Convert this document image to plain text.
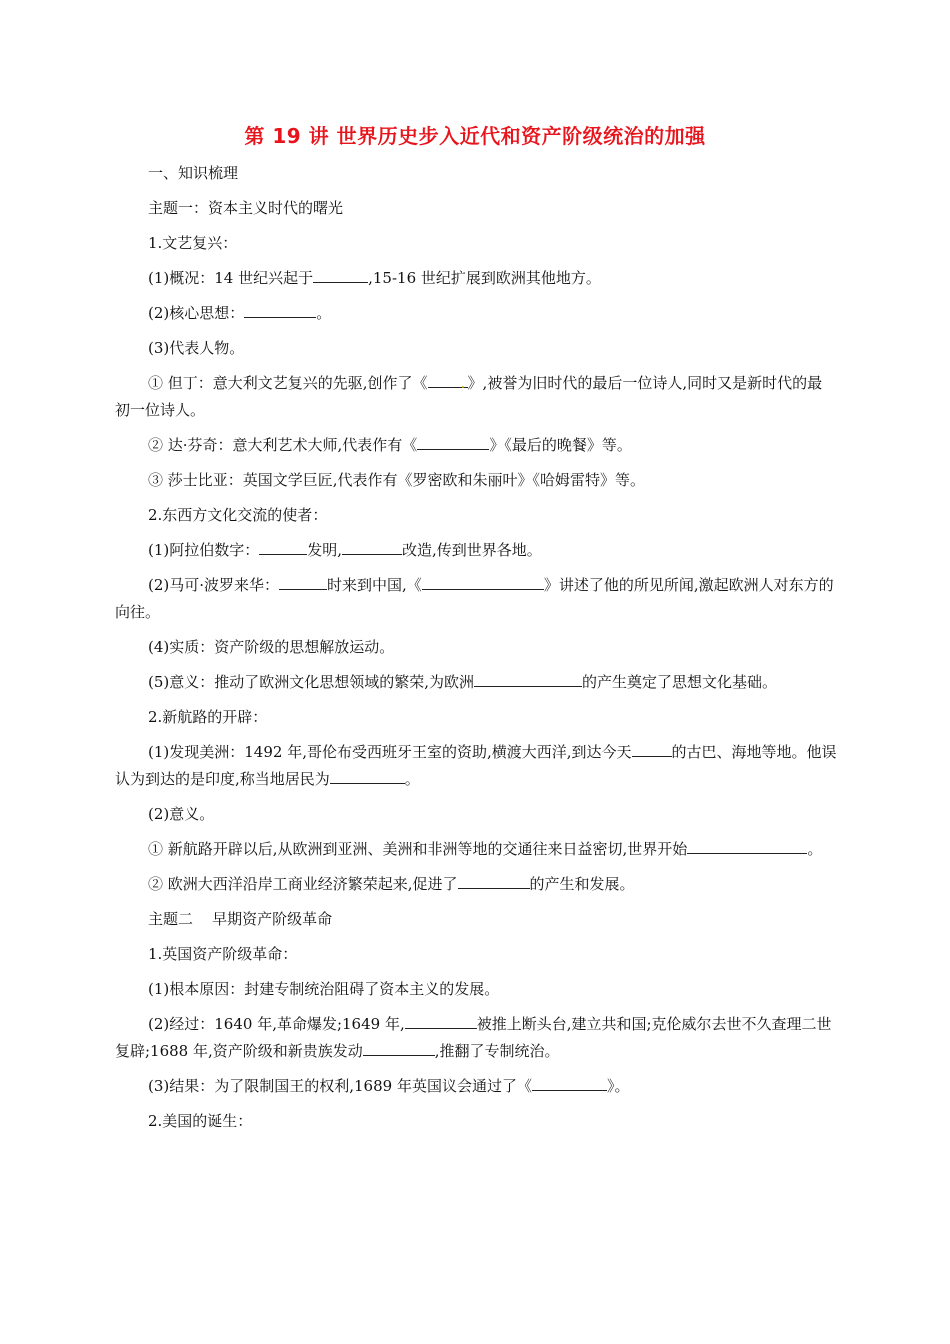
第 19 讲 世界历史步入近代和资产阶级统治的加强

一、知识梳理

主题一：资本主义时代的曙光

1.文艺复兴：

(1)概况：14 世纪兴起于	,15-16 世纪扩展到欧洲其他地方。

(2)核心思想：	。

(3)代表人物。

① 但丁：意大利文艺复兴的先驱,创作了《 . 》,被誉为旧时代的最后一位诗人,同时又是新时代的最初一位诗人。

② 达·芬奇：意大利艺术大师,代表作有《	》《最后的晚餐》等。

③ 莎士比亚：英国文学巨匠,代表作有《罗密欧和朱丽叶》《哈姆雷特》等。

2.东西方文化交流的使者：

(1)阿拉伯数字：	发明,	改造,传到世界各地。

(2)马可·波罗来华：	时来到中国,《	》讲述了他的所见所闻,激起欧洲人对东方的向往。

(4)实质：资产阶级的思想解放运动。

(5)意义：推动了欧洲文化思想领域的繁荣,为欧洲	的产生奠定了思想文化基础。

2.新航路的开辟：

(1)发现美洲：1492 年,哥伦布受西班牙王室的资助,横渡大西洋,到达今天	的古巴、海地等地。他误认为到达的是印度,称当地居民为	。

(2)意义。

① 新航路开辟以后,从欧洲到亚洲、美洲和非洲等地的交通往来日益密切,世界开始	。

② 欧洲大西洋沿岸工商业经济繁荣起来,促进了	的产生和发展。

主题二    早期资产阶级革命

1.英国资产阶级革命：

(1)根本原因：封建专制统治阻碍了资本主义的发展。

(2)经过：1640 年,革命爆发;1649 年,	被推上断头台,建立共和国;克伦威尔去世不久查理二世复辟;1688 年,资产阶级和新贵族发动	,推翻了专制统治。

(3)结果：为了限制国王的权利,1689 年英国议会通过了《	》。

2.美国的诞生：
